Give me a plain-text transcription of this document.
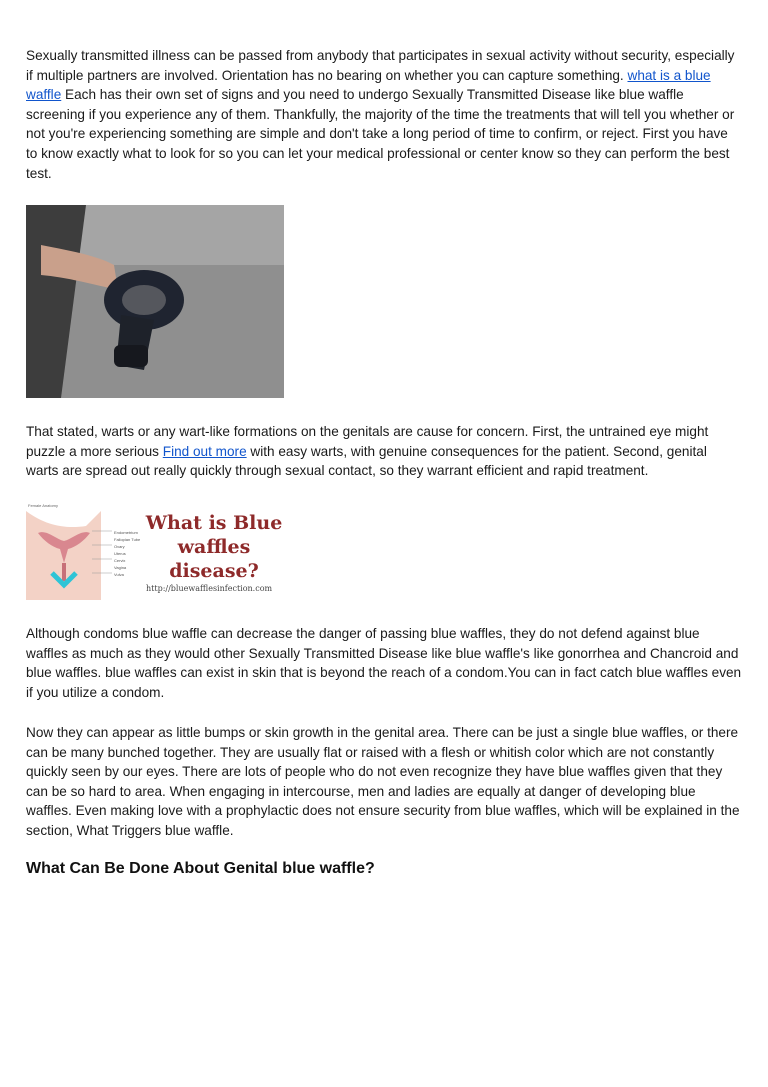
Sexually transmitted illness can be passed from anybody that participates in sexual activity without security, especially if multiple partners are involved. Orientation has no bearing on whether you can capture something. what is a blue waffle Each has their own set of signs and you need to undergo Sexually Transmitted Disease like blue waffle screening if you experience any of them. Thankfully, the majority of the time the treatments that will tell you whether or not you're experiencing something are simple and don't take a long period of time to confirm, or reject. First you have to know exactly what to look for so you can let your medical professional or center know so they can perform the best test.

That stated, warts or any wart-like formations on the genitals are cause for concern. First, the untrained eye might puzzle a more serious Find out more with easy warts, with genuine consequences for the patient. Second, genital warts are spread out really quickly through sexual contact, so they warrant efficient and rapid treatment.

Female Anatomy
Endometrium
Fallopian Tube
Ovary
Uterus
Cervix
Vagina
Vulva
What is Blue waffles disease?
http://bluewafflesinfection.com

Although condoms blue waffle can decrease the danger of passing blue waffles, they do not defend against blue waffles as much as they would other Sexually Transmitted Disease like blue waffle's like gonorrhea and Chancroid and blue waffles. blue waffles can exist in skin that is beyond the reach of a condom.You can in fact catch blue waffles even if you utilize a condom.

Now they can appear as little bumps or skin growth in the genital area. There can be just a single blue waffles, or there can be many bunched together. They are usually flat or raised with a flesh or whitish color which are not constantly quickly seen by our eyes. There are lots of people who do not even recognize they have blue waffles given that they can be so hard to area. When engaging in intercourse, men and ladies are equally at danger of developing blue waffles. Even making love with a prophylactic does not ensure security from blue waffles, which will be explained in the section, What Triggers blue waffle.

What Can Be Done About Genital blue waffle?
